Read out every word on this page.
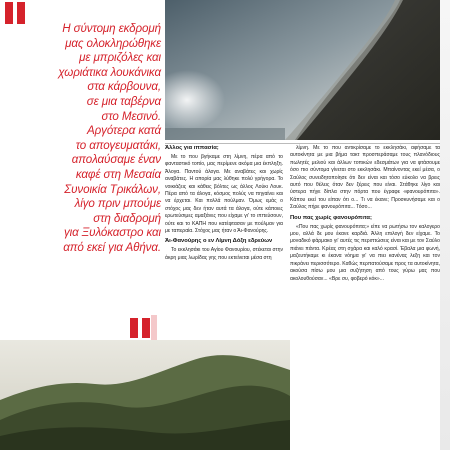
Η σύντομη εκδρομή
μας ολοκληρώθηκε
με μπριζόλες και
χωριάτικα λουκάνικα
στα κάρβουνα,
σε μια ταβέρνα
στο Μεσινό.
Αργότερα κατά
το απογευματάκι,
απολαύσαμε έναν
καφέ στη Μεσαία
Συνοικία Τρικάλων,
λίγο πριν μπούμε
στη διαδρομή
για Ξυλόκαστρο και
από εκεί για Αθήνα.
Άλλος για ιππασία;

Με το που βγήκαμε στη λίμνη, πέρα από το φανταστικό τοπίο, μας περίμενε ακόμα μια έκπληξη. Άλογα. Παντού άλογα. Με αναβάτες και χωρίς αναβάτες. Η απορία μας λύθηκε πολύ γρήγορα. Το νοικιάζεις και κάθεις βόλτες ως άλλος Λούκι Λουκ. Πέρα από τα άλογα, κόσμος πολύς να πηγαίνει και να έρχεται. Και πολλά πούλμαν. Όμως εμάς ο στόχος μας δεν ήταν αυτά τα άλογα, ούτε κάποιες ερωτεύσιμες αμαξάνες που είχαμε γι' το ιππεύσουν, ούτε και το ΚΑΠΗ που κατέφτασαν με πούλμαν για με ταπεραία. Στόχος μας ήταν ο Άι-Φανούρης.

Άι-Φανούρης ο εν Λίμνη Δόξη εδρεύων

Το εκκλησάκι του Αγίου Φανουρίου, στέκεται στην άκρη μιας λωρίδας γης που εκτείνεται μέσα στη

λίμνη. Με το που αντικρίσαμε το εκκλησάκι, αφήσαμε τα αυτοκίνητα με μια βήμα τακτ προσπεράσαμε τους πλανόδιους πωλητές μελιού και άλλων τοπικών εδεσμάτων για να φτάσουμε όσο πιο σύντομα γίνεται στο εκκλησάκι. Μπαίνοντας εκεί μέσα, ο Σαύλος συνειδητοποίησε ότι δεν είναι και τόσο εύκολο να βρεις αυτό που θέλεις όταν δεν ξέρεις που είναι. Στάθηκε λίγο και ύστερα πήγε δίπλα στην πόρτα που έγραφε «φανουρόπιτα». Κάπου εκεί του είπαν ότι ο... Τι να έκανε; Προσκυνήσαμε και ο Σαύλος πήρε φανουρόπιτα... Τόσο...

Που πας χωρίς φανουρόπιτα;

«Που πας χωρίς φανουρόπιτα;» είπε να ρωτήσω τον καλογερο μου, αλλά δε μου έκανε καρδιά. Άλλη επιλογή δεν είχαμε. Το μοναδικό φάρμακο γι' αυτές τις περιπτώσεις είναι και με τον Σαύλο πιάνει πάντα. Κρέας στη σχάρα και καλό κρασί. Έβαλα μια φωνή, μαζευτήκαμε κι έκανα νόημα γι' να πιει κανένας λεξη και τον πικράνει περισσότερο. Καθώς περπατούσαμε προς τα αυτοκίνητα, ακούσα πίσω μου μια συζήτηση από τους γύρω μας που ακολουθούσαν... «Βρε συ, φοβερό κόκ»...
